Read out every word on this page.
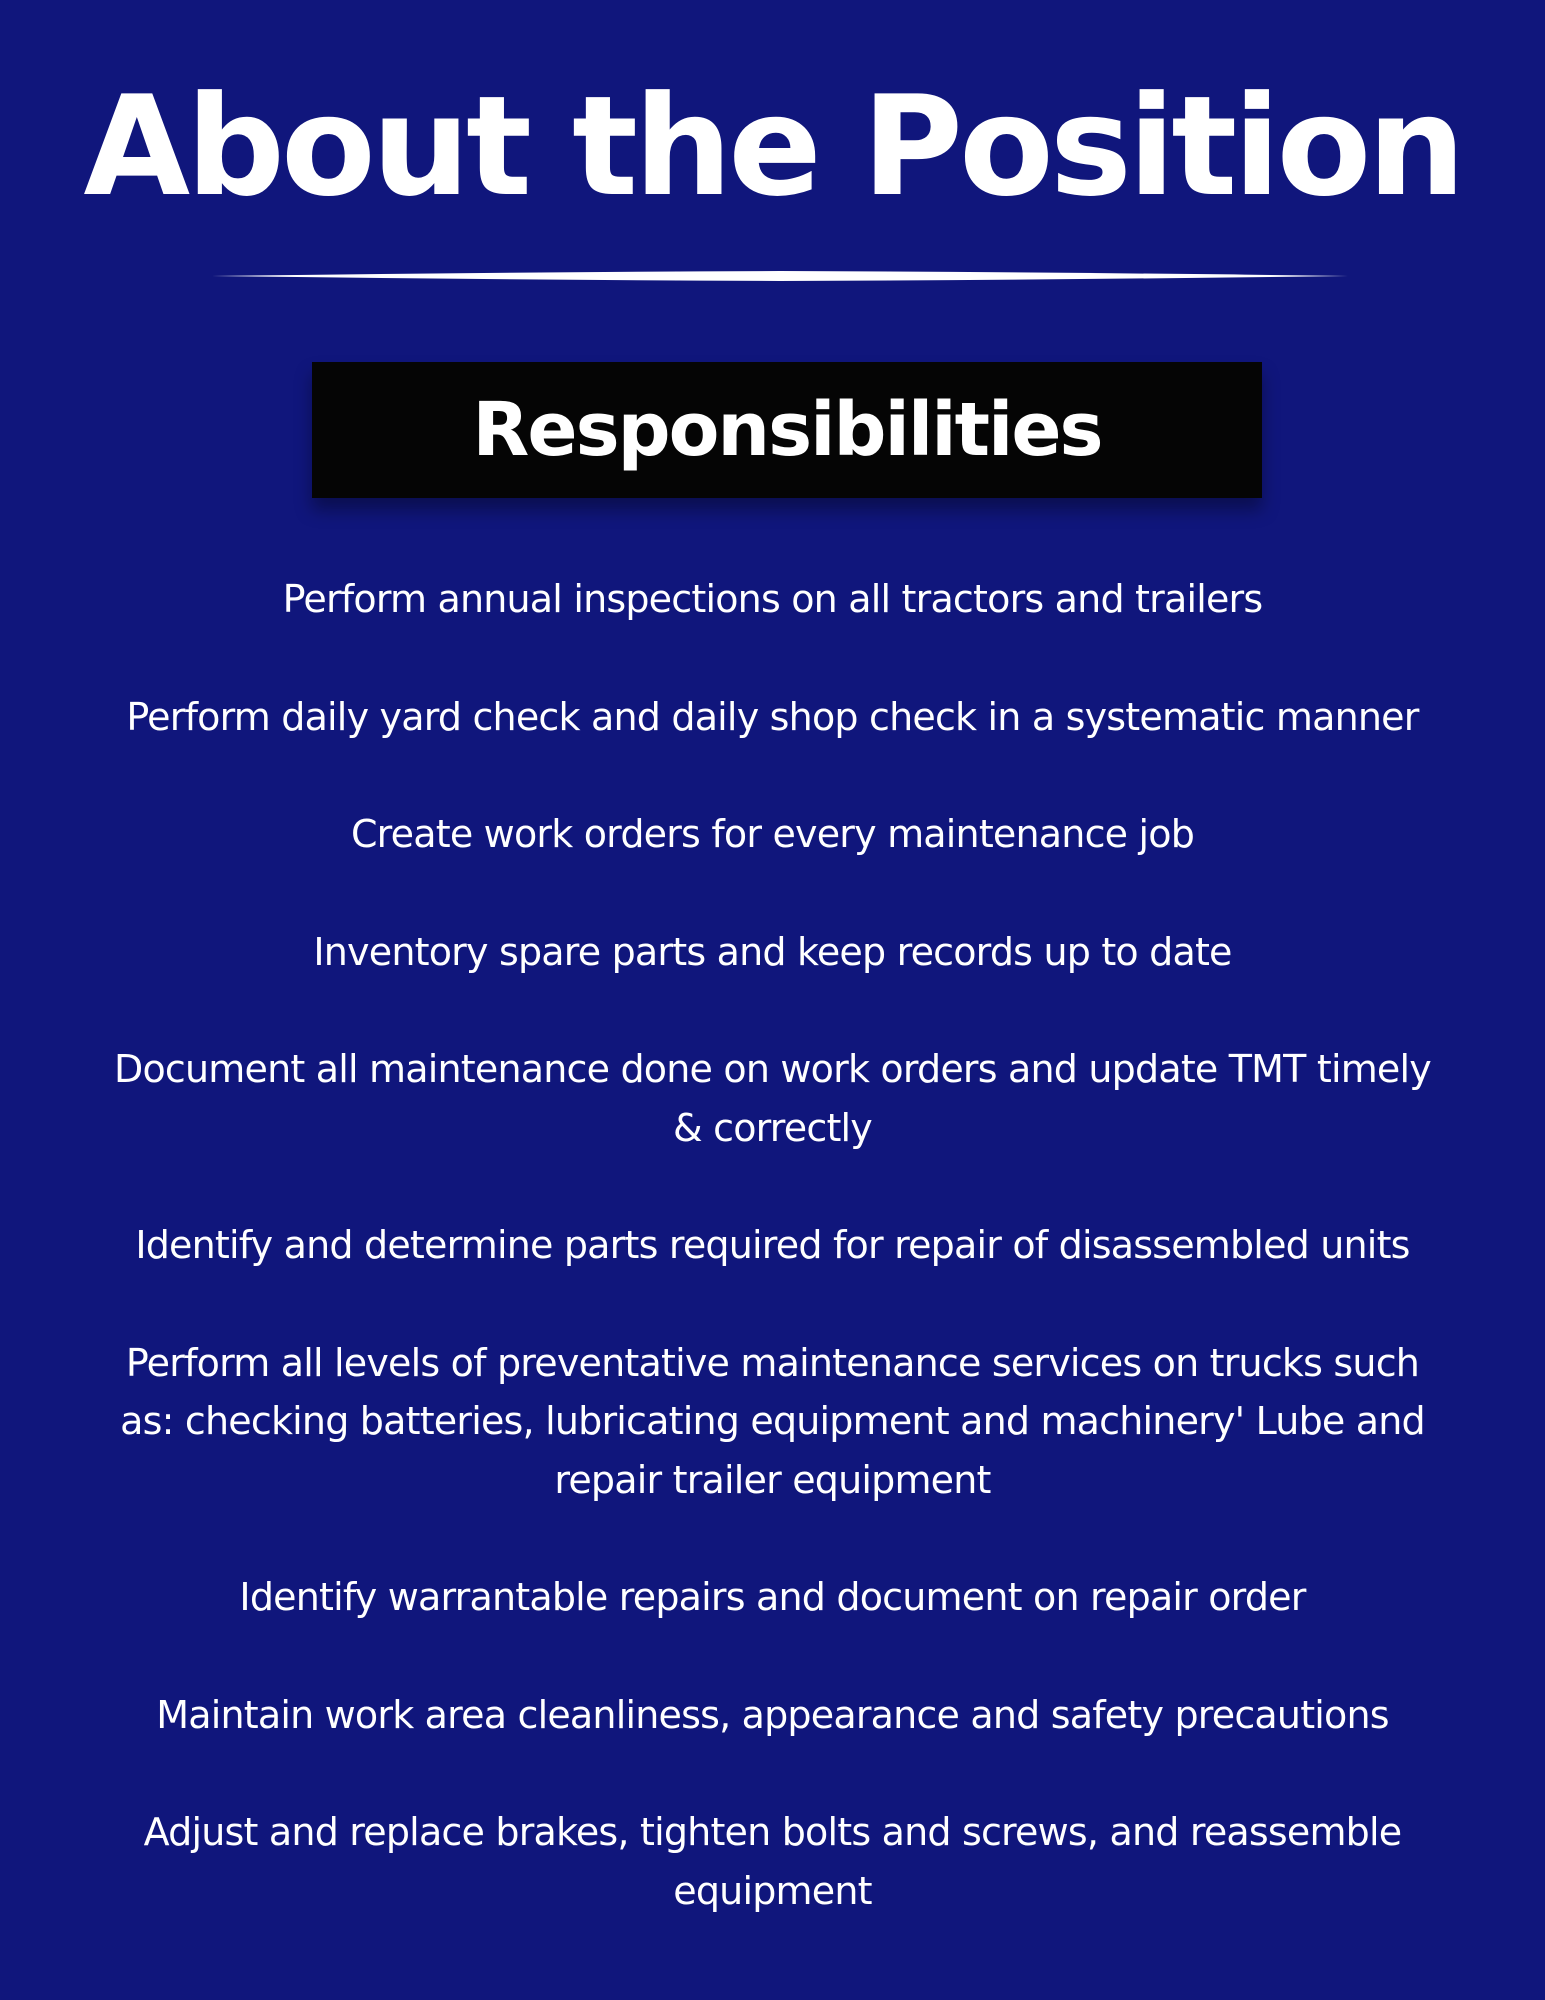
About the Position
Responsibilities
Perform annual inspections on all tractors and trailers
Perform daily yard check and daily shop check in a systematic manner
Create work orders for every maintenance job
Inventory spare parts and keep records up to date
Document all maintenance done on work orders and update TMT timely & correctly
Identify and determine parts required for repair of disassembled units
Perform all levels of preventative maintenance services on trucks such as: checking batteries, lubricating equipment and machinery' Lube and repair trailer equipment
Identify warrantable repairs and document on repair order
Maintain work area cleanliness, appearance and safety precautions
Adjust and replace brakes, tighten bolts and screws, and reassemble equipment
